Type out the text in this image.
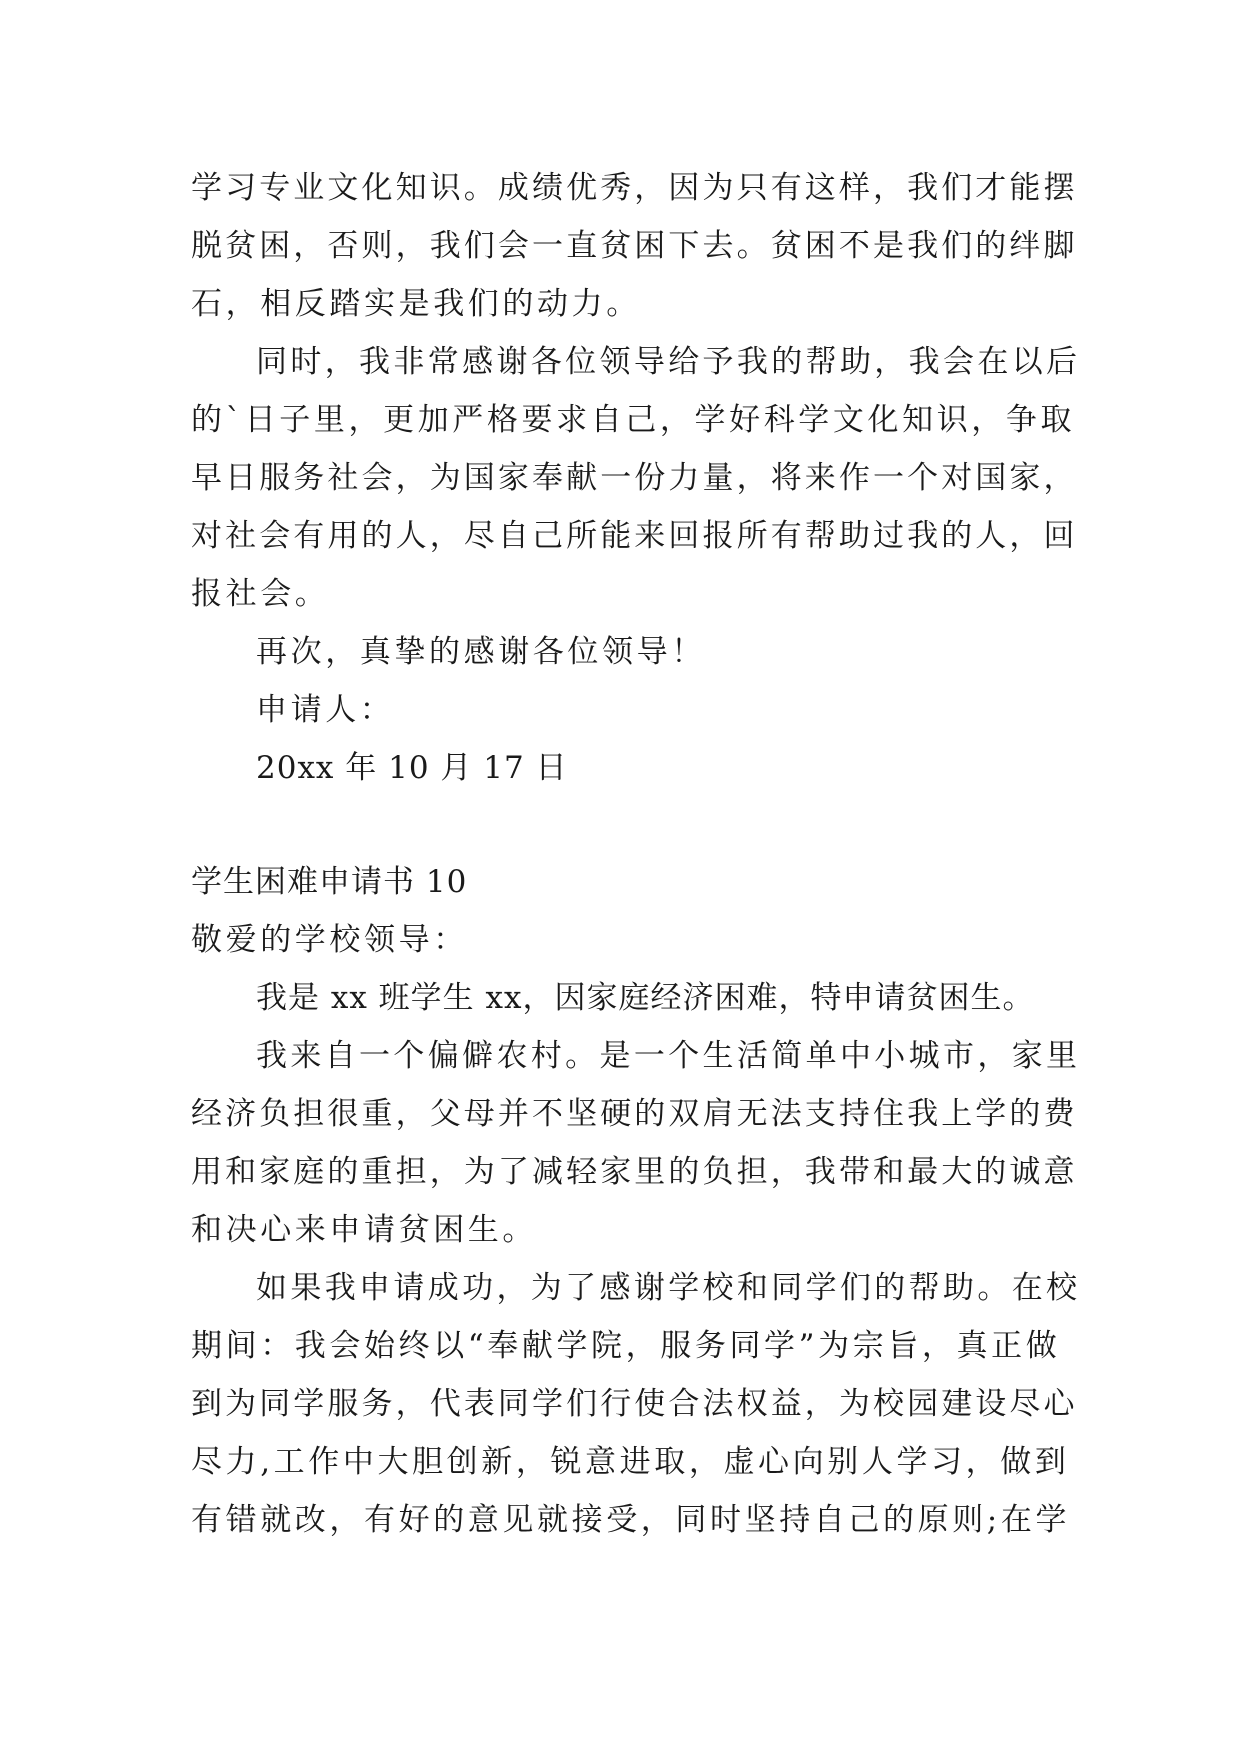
学习专业文化知识。成绩优秀，因为只有这样，我们才能摆
脱贫困，否则，我们会一直贫困下去。贫困不是我们的绊脚
石，相反踏实是我们的动力。
同时，我非常感谢各位领导给予我的帮助，我会在以后
的`日子里，更加严格要求自己，学好科学文化知识，争取
早日服务社会，为国家奉献一份力量，将来作一个对国家，
对社会有用的人，尽自己所能来回报所有帮助过我的人，回
报社会。
再次，真挚的感谢各位领导！
申请人：
20xx 年 10 月 17 日
学生困难申请书 10
敬爱的学校领导：
我是 xx 班学生 xx，因家庭经济困难，特申请贫困生。
我来自一个偏僻农村。是一个生活简单中小城市，家里
经济负担很重，父母并不坚硬的双肩无法支持住我上学的费
用和家庭的重担，为了减轻家里的负担，我带和最大的诚意
和决心来申请贫困生。
如果我申请成功，为了感谢学校和同学们的帮助。在校
期间：我会始终以“奉献学院，服务同学”为宗旨，真正做
到为同学服务，代表同学们行使合法权益，为校园建设尽心
尽力,工作中大胆创新，锐意进取，虚心向别人学习，做到
有错就改，有好的意见就接受，同时坚持自己的原则;在学
